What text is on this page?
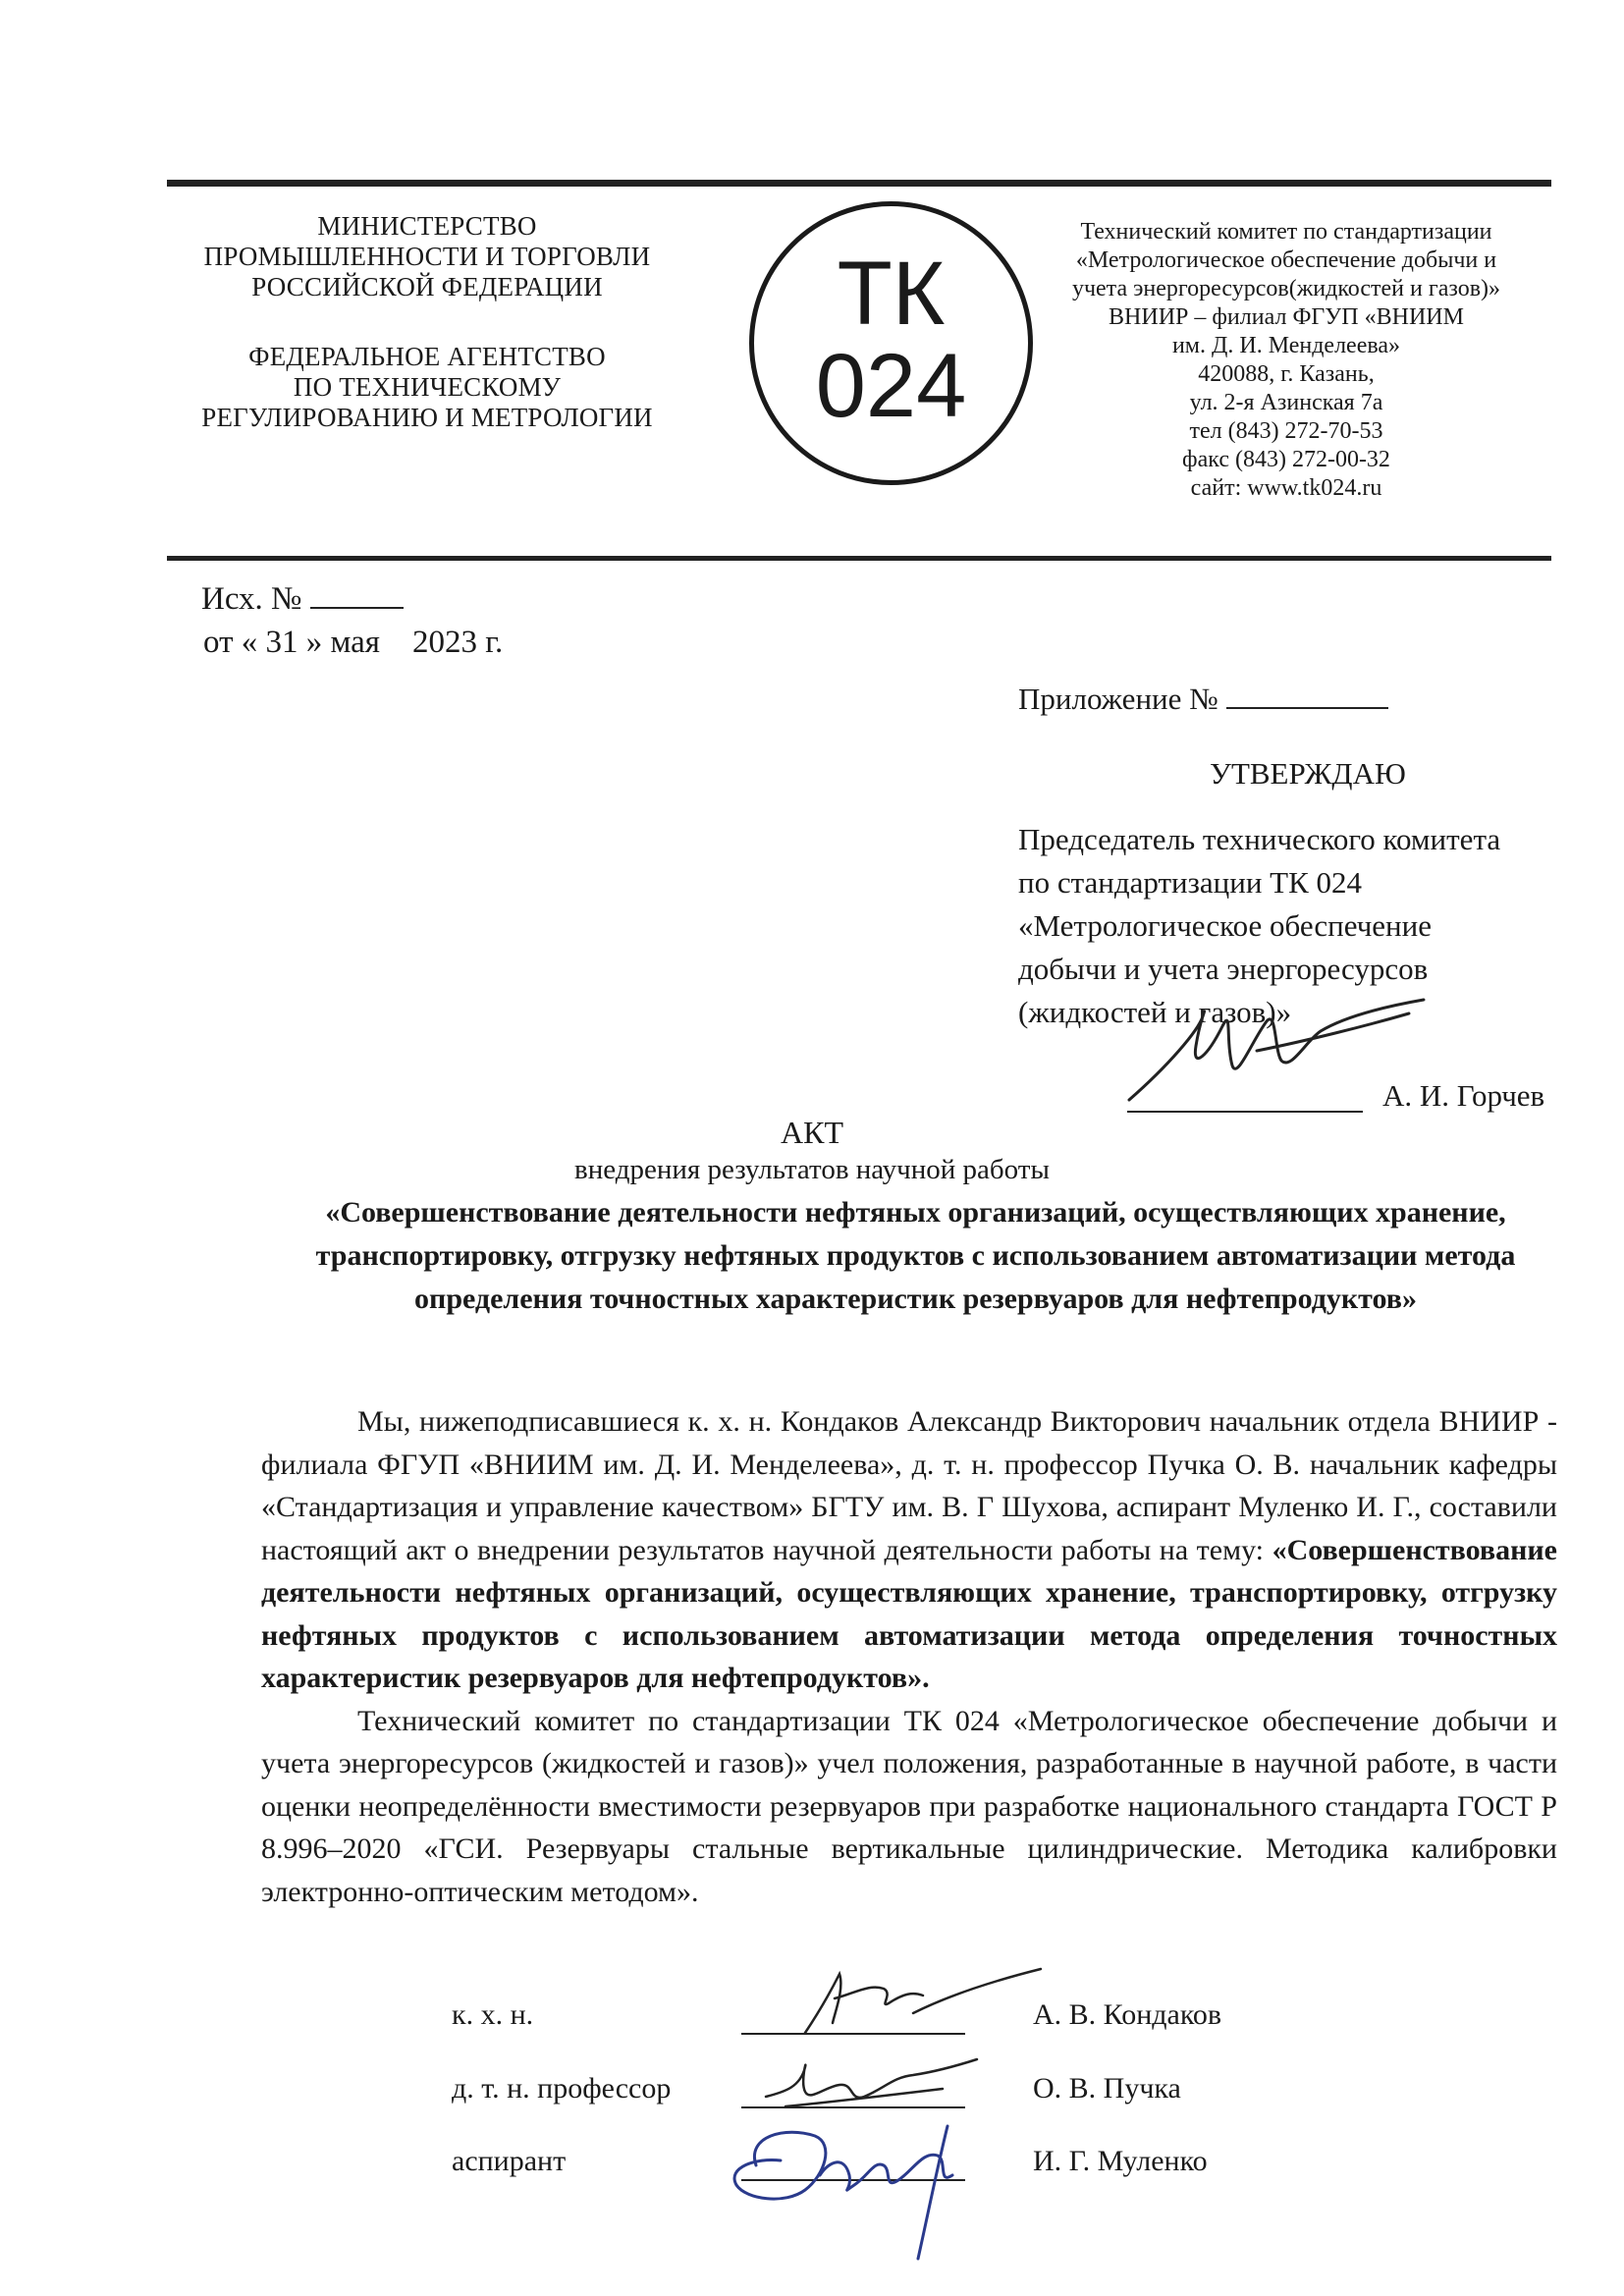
МИНИСТЕРСТВО
ПРОМЫШЛЕННОСТИ И ТОРГОВЛИ
РОССИЙСКОЙ ФЕДЕРАЦИИ
ФЕДЕРАЛЬНОЕ АГЕНТСТВО
ПО ТЕХНИЧЕСКОМУ
РЕГУЛИРОВАНИЮ И МЕТРОЛОГИИ
ТК
024
Технический комитет по стандартизации
«Метрологическое обеспечение добычи и
учета энергоресурсов(жидкостей и газов)»
ВНИИР – филиал ФГУП «ВНИИМ
им. Д. И. Менделеева»
420088, г. Казань,
ул. 2-я Азинская 7а
тел (843) 272-70-53
факс (843) 272-00-32
сайт: www.tk024.ru
Исх. №
от « 31 » мая    2023 г.
Приложение №
УТВЕРЖДАЮ
Председатель технического комитета
по стандартизации ТК 024
«Метрологическое обеспечение
добычи и учета энергоресурсов
(жидкостей и газов)»
А. И. Горчев
АКТ
внедрения результатов научной работы
«Совершенствование деятельности нефтяных организаций, осуществляющих хранение, транспортировку, отгрузку нефтяных продуктов с использованием автоматизации метода определения точностных характеристик резервуаров для нефтепродуктов»

Мы, нижеподписавшиеся к. х. н. Кондаков Александр Викторович начальник отдела ВНИИР - филиала ФГУП «ВНИИМ им. Д. И. Менделеева», д. т. н. профессор Пучка О. В. начальник кафедры «Стандартизация и управление качеством» БГТУ им. В. Г Шухова, аспирант Муленко И. Г., составили настоящий акт о внедрении результатов научной деятельности работы на тему: «Совершенствование деятельности нефтяных организаций, осуществляющих хранение, транспортировку, отгрузку нефтяных продуктов с использованием автоматизации метода определения точностных характеристик резервуаров для нефтепродуктов».

Технический комитет по стандартизации ТК 024 «Метрологическое обеспечение добычи и учета энергоресурсов (жидкостей и газов)» учел положения, разработанные в научной работе, в части оценки неопределённости вместимости резервуаров при разработке национального стандарта ГОСТ Р 8.996–2020 «ГСИ. Резервуары стальные вертикальные цилиндрические. Методика калибровки электронно-оптическим методом».

к. х. н.	А. В. Кондаков
д. т. н. профессор	О. В. Пучка
аспирант	И. Г. Муленко
